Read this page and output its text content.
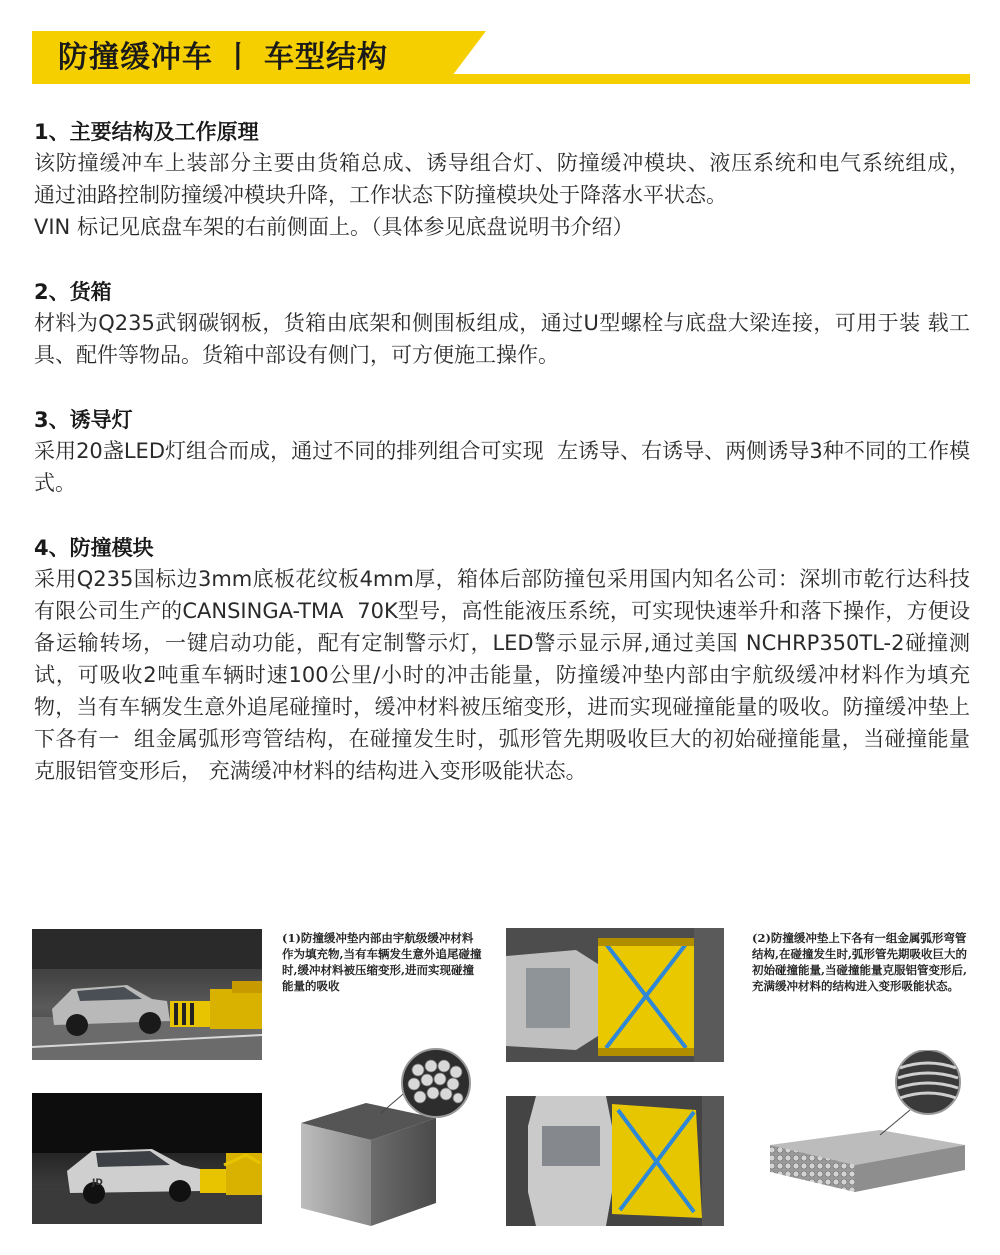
防撞缓冲车 丨 车型结构

1、主要结构及工作原理

该防撞缓冲车上装部分主要由货箱总成、诱导组合灯、防撞缓冲模块、液压系统和电气系统组成，  通过油路控制防撞缓冲模块升降，工作状态下防撞模块处于降落水平状态。

VIN 标记见底盘车架的右前侧面上。（具体参见底盘说明书介绍）

2、货箱

材料为Q235武钢碳钢板，货箱由底架和侧围板组成，通过U型螺栓与底盘大梁连接，可用于装 载工具、配件等物品。货箱中部设有侧门，可方便施工操作。

3、诱导灯

采用20盏LED灯组合而成，通过不同的排列组合可实现  左诱导、右诱导、两侧诱导3种不同的工作模式。

4、防撞模块

采用Q235国标边3mm底板花纹板4mm厚，箱体后部防撞包采用国内知名公司：深圳市乾行达科技有限公司生产的CANSINGA-TMA  70K型号，高性能液压系统，可实现快速举升和落下操作，方便设备运输转场，一键启动功能，配有定制警示灯，LED警示显示屏,通过美国 NCHRP350TL-2碰撞测试，可吸收2吨重车辆时速100公里/小时的冲击能量，防撞缓冲垫内部由宇航级缓冲材料作为填充物，当有车辆发生意外追尾碰撞时，缓冲材料被压缩变形，进而实现碰撞能量的吸收。防撞缓冲垫上下各有一  组金属弧形弯管结构，在碰撞发生时，弧形管先期吸收巨大的初始碰撞能量，当碰撞能量克服铝管变形后， 充满缓冲材料的结构进入变形吸能状态。

JD
(1)防撞缓冲垫内部由宇航级缓冲材料作为填充物,当有车辆发生意外追尾碰撞时,缓冲材料被压缩变形,进而实现碰撞能量的吸收
(2)防撞缓冲垫上下各有一组金属弧形弯管结构,在碰撞发生时,弧形管先期吸收巨大的初始碰撞能量,当碰撞能量克服铝管变形后,充满缓冲材料的结构进入变形吸能状态。
